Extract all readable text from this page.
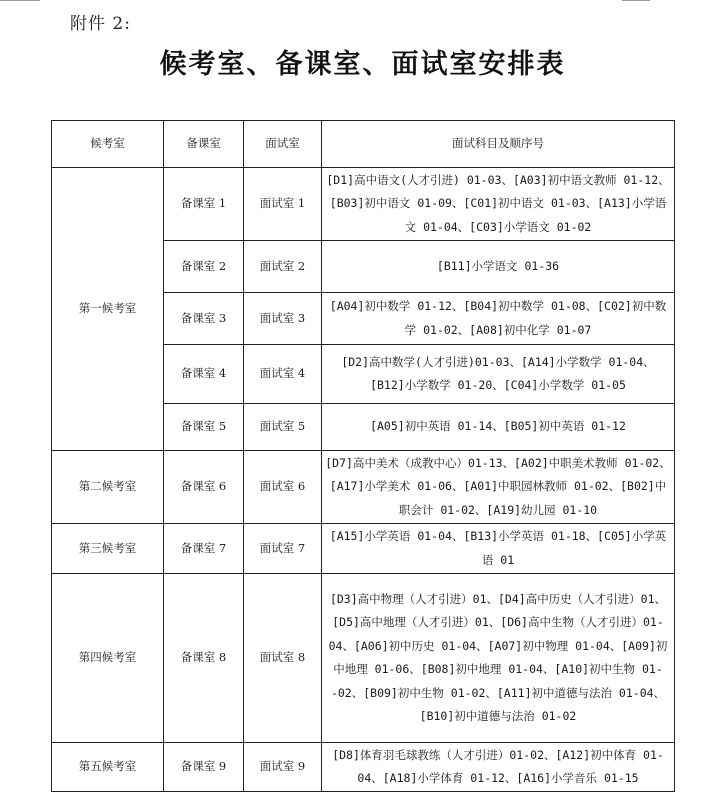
附件 2:
候考室、备课室、面试室安排表
候考室	备课室	面试室	面试科目及顺序号
第一候考室	备课室 1	面试室 1	[D1]高中语文(人才引进) 01-03、[A03]初中语文教师 01-12、[B03]初中语文 01-09、[C01]初中语文 01-03、[A13]小学语文 01-04、[C03]小学语文 01-02
	备课室 2	面试室 2	[B11]小学语文 01-36
	备课室 3	面试室 3	[A04]初中数学 01-12、[B04]初中数学 01-08、[C02]初中数学 01-02、[A08]初中化学 01-07
	备课室 4	面试室 4	[D2]高中数学(人才引进)01-03、[A14]小学数学 01-04、[B12]小学数学 01-20、[C04]小学数学 01-05
	备课室 5	面试室 5	[A05]初中英语 01-14、[B05]初中英语 01-12
第二候考室	备课室 6	面试室 6	[D7]高中美术（成教中心）01-13、[A02]中职美术教师 01-02、[A17]小学美术 01-06、[A01]中职园林教师 01-02、[B02]中职会计 01-02、[A19]幼儿园 01-10
第三候考室	备课室 7	面试室 7	[A15]小学英语 01-04、[B13]小学英语 01-18、[C05]小学英语 01
第四候考室	备课室 8	面试室 8	[D3]高中物理（人才引进）01、[D4]高中历史（人才引进）01、[D5]高中地理（人才引进）01、[D6]高中生物（人才引进）01-04、[A06]初中历史 01-04、[A07]初中物理 01-04、[A09]初中地理 01-06、[B08]初中地理 01-04、[A10]初中生物 01--02、[B09]初中生物 01-02、[A11]初中道德与法治 01-04、[B10]初中道德与法治 01-02
第五候考室	备课室 9	面试室 9	[D8]体育羽毛球教练（人才引进）01-02、[A12]初中体育 01-04、[A18]小学体育 01-12、[A16]小学音乐 01-15
